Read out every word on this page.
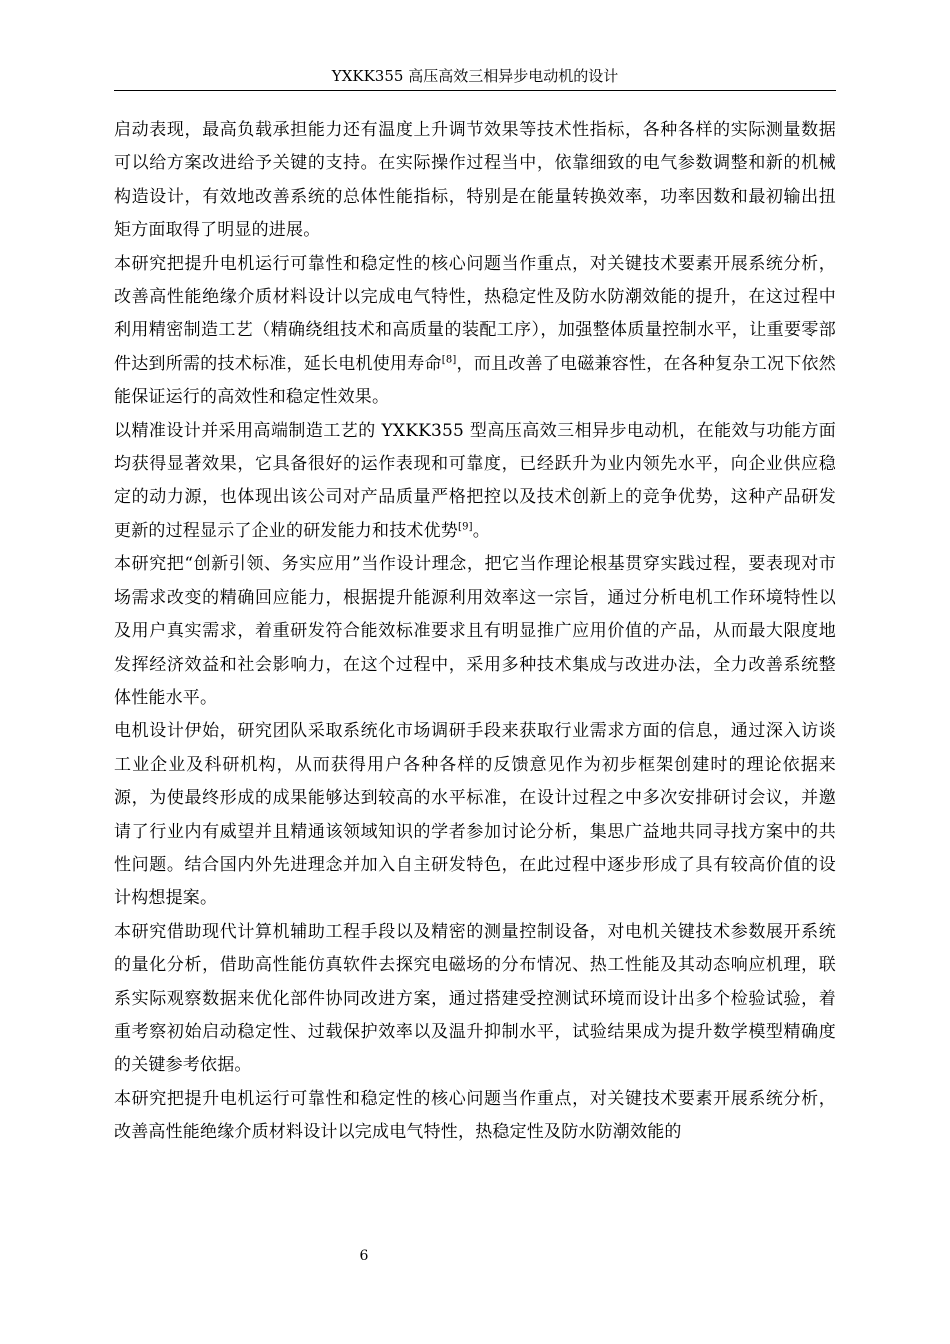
YXKK355 高压高效三相异步电动机的设计

启动表现，最高负载承担能力还有温度上升调节效果等技术性指标，各种各样的实际测量数据可以给方案改进给予关键的支持。在实际操作过程当中，依靠细致的电气参数调整和新的机械构造设计，有效地改善系统的总体性能指标，特别是在能量转换效率，功率因数和最初输出扭矩方面取得了明显的进展。

本研究把提升电机运行可靠性和稳定性的核心问题当作重点，对关键技术要素开展系统分析，改善高性能绝缘介质材料设计以完成电气特性，热稳定性及防水防潮效能的提升，在这过程中利用精密制造工艺（精确绕组技术和高质量的装配工序），加强整体质量控制水平，让重要零部件达到所需的技术标准，延长电机使用寿命[8]，而且改善了电磁兼容性，在各种复杂工况下依然能保证运行的高效性和稳定性效果。

以精准设计并采用高端制造工艺的 YXKK355 型高压高效三相异步电动机，在能效与功能方面均获得显著效果，它具备很好的运作表现和可靠度，已经跃升为业内领先水平，向企业供应稳定的动力源，也体现出该公司对产品质量严格把控以及技术创新上的竞争优势，这种产品研发更新的过程显示了企业的研发能力和技术优势[9]。

本研究把“创新引领、务实应用”当作设计理念，把它当作理论根基贯穿实践过程，要表现对市场需求改变的精确回应能力，根据提升能源利用效率这一宗旨，通过分析电机工作环境特性以及用户真实需求，着重研发符合能效标准要求且有明显推广应用价值的产品，从而最大限度地发挥经济效益和社会影响力，在这个过程中，采用多种技术集成与改进办法，全力改善系统整体性能水平。

电机设计伊始，研究团队采取系统化市场调研手段来获取行业需求方面的信息，通过深入访谈工业企业及科研机构，从而获得用户各种各样的反馈意见作为初步框架创建时的理论依据来源，为使最终形成的成果能够达到较高的水平标准，在设计过程之中多次安排研讨会议，并邀请了行业内有威望并且精通该领域知识的学者参加讨论分析，集思广益地共同寻找方案中的共性问题。结合国内外先进理念并加入自主研发特色，在此过程中逐步形成了具有较高价值的设计构想提案。

本研究借助现代计算机辅助工程手段以及精密的测量控制设备，对电机关键技术参数展开系统的量化分析，借助高性能仿真软件去探究电磁场的分布情况、热工性能及其动态响应机理，联系实际观察数据来优化部件协同改进方案，通过搭建受控测试环境而设计出多个检验试验，着重考察初始启动稳定性、过载保护效率以及温升抑制水平，试验结果成为提升数学模型精确度的关键参考依据。

本研究把提升电机运行可靠性和稳定性的核心问题当作重点，对关键技术要素开展系统分析，改善高性能绝缘介质材料设计以完成电气特性，热稳定性及防水防潮效能的

6
